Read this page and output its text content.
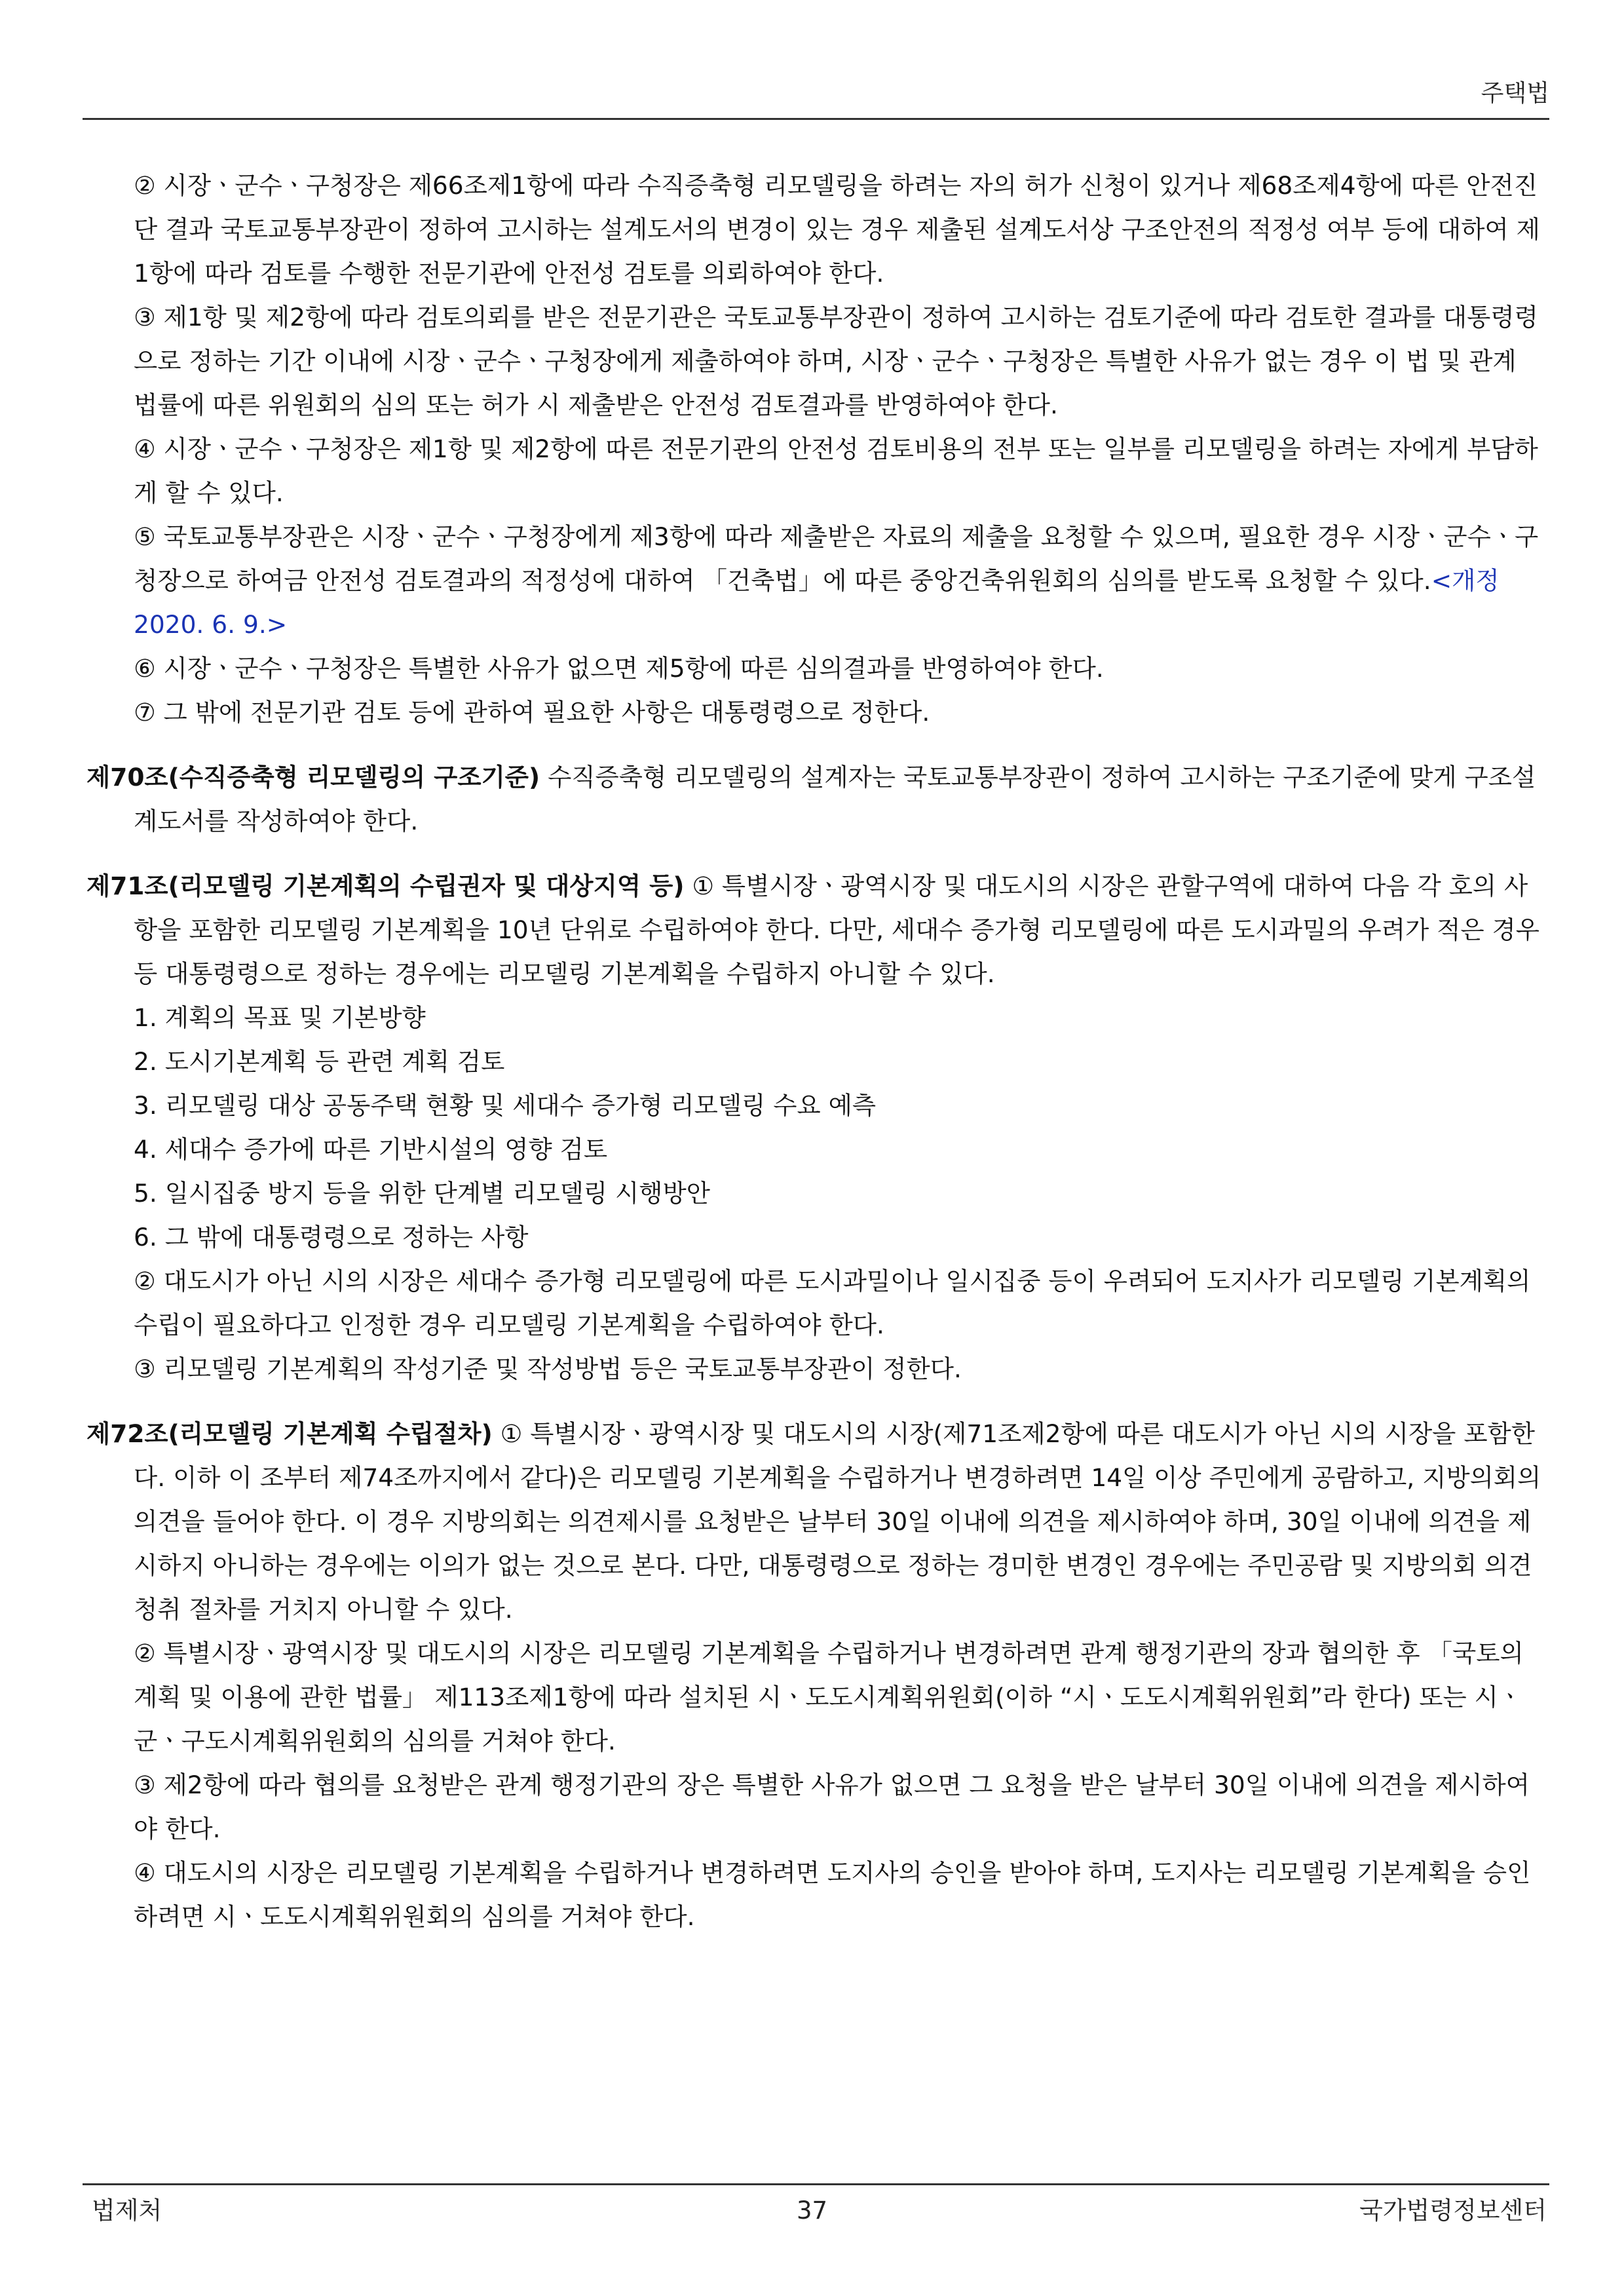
주택법

② 시장ㆍ군수ㆍ구청장은 제66조제1항에 따라 수직증축형 리모델링을 하려는 자의 허가 신청이 있거나 제68조제4항에 따른 안전진단 결과 국토교통부장관이 정하여 고시하는 설계도서의 변경이 있는 경우 제출된 설계도서상 구조안전의 적정성 여부 등에 대하여 제1항에 따라 검토를 수행한 전문기관에 안전성 검토를 의뢰하여야 한다.

③ 제1항 및 제2항에 따라 검토의뢰를 받은 전문기관은 국토교통부장관이 정하여 고시하는 검토기준에 따라 검토한 결과를 대통령령으로 정하는 기간 이내에 시장ㆍ군수ㆍ구청장에게 제출하여야 하며, 시장ㆍ군수ㆍ구청장은 특별한 사유가 없는 경우 이 법 및 관계 법률에 따른 위원회의 심의 또는 허가 시 제출받은 안전성 검토결과를 반영하여야 한다.

④ 시장ㆍ군수ㆍ구청장은 제1항 및 제2항에 따른 전문기관의 안전성 검토비용의 전부 또는 일부를 리모델링을 하려는 자에게 부담하게 할 수 있다.

⑤ 국토교통부장관은 시장ㆍ군수ㆍ구청장에게 제3항에 따라 제출받은 자료의 제출을 요청할 수 있으며, 필요한 경우 시장ㆍ군수ㆍ구청장으로 하여금 안전성 검토결과의 적정성에 대하여 「건축법」에 따른 중앙건축위원회의 심의를 받도록 요청할 수 있다.<개정 2020. 6. 9.>

⑥ 시장ㆍ군수ㆍ구청장은 특별한 사유가 없으면 제5항에 따른 심의결과를 반영하여야 한다.

⑦ 그 밖에 전문기관 검토 등에 관하여 필요한 사항은 대통령령으로 정한다.

제70조(수직증축형 리모델링의 구조기준) 수직증축형 리모델링의 설계자는 국토교통부장관이 정하여 고시하는 구조기준에 맞게 구조설계도서를 작성하여야 한다.

제71조(리모델링 기본계획의 수립권자 및 대상지역 등) ① 특별시장ㆍ광역시장 및 대도시의 시장은 관할구역에 대하여 다음 각 호의 사항을 포함한 리모델링 기본계획을 10년 단위로 수립하여야 한다. 다만, 세대수 증가형 리모델링에 따른 도시과밀의 우려가 적은 경우 등 대통령령으로 정하는 경우에는 리모델링 기본계획을 수립하지 아니할 수 있다.

1. 계획의 목표 및 기본방향

2. 도시기본계획 등 관련 계획 검토

3. 리모델링 대상 공동주택 현황 및 세대수 증가형 리모델링 수요 예측

4. 세대수 증가에 따른 기반시설의 영향 검토

5. 일시집중 방지 등을 위한 단계별 리모델링 시행방안

6. 그 밖에 대통령령으로 정하는 사항

② 대도시가 아닌 시의 시장은 세대수 증가형 리모델링에 따른 도시과밀이나 일시집중 등이 우려되어 도지사가 리모델링 기본계획의 수립이 필요하다고 인정한 경우 리모델링 기본계획을 수립하여야 한다.

③ 리모델링 기본계획의 작성기준 및 작성방법 등은 국토교통부장관이 정한다.

제72조(리모델링 기본계획 수립절차) ① 특별시장ㆍ광역시장 및 대도시의 시장(제71조제2항에 따른 대도시가 아닌 시의 시장을 포함한다. 이하 이 조부터 제74조까지에서 같다)은 리모델링 기본계획을 수립하거나 변경하려면 14일 이상 주민에게 공람하고, 지방의회의 의견을 들어야 한다. 이 경우 지방의회는 의견제시를 요청받은 날부터 30일 이내에 의견을 제시하여야 하며, 30일 이내에 의견을 제시하지 아니하는 경우에는 이의가 없는 것으로 본다. 다만, 대통령령으로 정하는 경미한 변경인 경우에는 주민공람 및 지방의회 의견청취 절차를 거치지 아니할 수 있다.

② 특별시장ㆍ광역시장 및 대도시의 시장은 리모델링 기본계획을 수립하거나 변경하려면 관계 행정기관의 장과 협의한 후 「국토의 계획 및 이용에 관한 법률」 제113조제1항에 따라 설치된 시ㆍ도도시계획위원회(이하 “시ㆍ도도시계획위원회”라 한다) 또는 시ㆍ군ㆍ구도시계획위원회의 심의를 거쳐야 한다.

③ 제2항에 따라 협의를 요청받은 관계 행정기관의 장은 특별한 사유가 없으면 그 요청을 받은 날부터 30일 이내에 의견을 제시하여야 한다.

④ 대도시의 시장은 리모델링 기본계획을 수립하거나 변경하려면 도지사의 승인을 받아야 하며, 도지사는 리모델링 기본계획을 승인하려면 시ㆍ도도시계획위원회의 심의를 거쳐야 한다.

법제처	37	국가법령정보센터
